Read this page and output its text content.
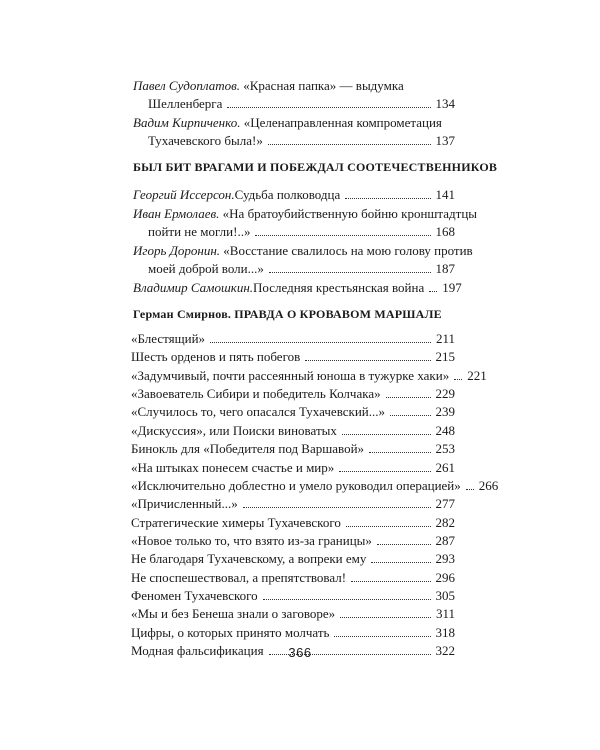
Павел Судоплатов. «Красная папка» — выдумка
Шелленберга	134
Вадим Кирпиченко. «Целенаправленная компрометация
Тухачевского была!»	137
БЫЛ БИТ ВРАГАМИ И ПОБЕЖДАЛ СООТЕЧЕСТВЕННИКОВ
Георгий Иссерсон. Судьба полководца	141
Иван Ермолаев. «На братоубийственную бойню кронштадтцы
пойти не могли!..»	168
Игорь Доронин. «Восстание свалилось на мою голову против
моей доброй воли...»	187
Владимир Самошкин. Последняя крестьянская война 197
Герман Смирнов. ПРАВДА О КРОВАВОМ МАРШАЛЕ
«Блестящий»	211
Шесть орденов и пять побегов	215
«Задумчивый, почти рассеянный юноша в тужурке хаки» 221
«Завоеватель Сибири и победитель Колчака»	229
«Случилось то, чего опасался Тухачевский...»	239
«Дискуссия», или Поиски виноватых	248
Бинокль для «Победителя под Варшавой»	253
«На штыках понесем счастье и мир»	261
«Исключительно доблестно и умело руководил операцией» 266
«Причисленный...»	277
Стратегические химеры Тухачевского	282
«Новое только то, что взято из-за границы»	287
Не благодаря Тухачевскому, а вопреки ему	293
Не споспешествовал, а препятствовал!	296
Феномен Тухачевского	305
«Мы и без Бенеша знали о заговоре»	311
Цифры, о которых принято молчать	318
Модная фальсификация	322
366
